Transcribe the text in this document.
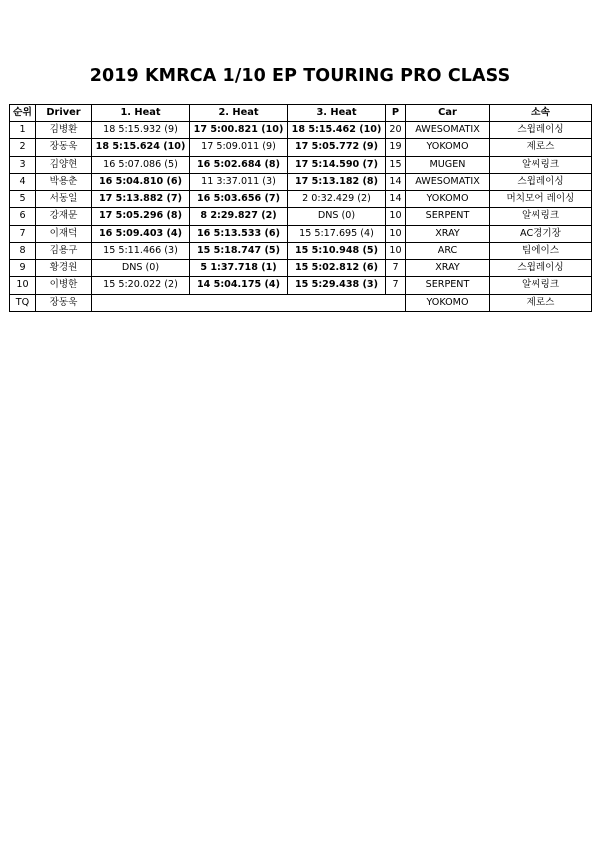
2019 KMRCA 1/10 EP TOURING PRO CLASS
순위	Driver	1. Heat	2. Heat	3. Heat	P	Car	소속
1	김병환	18 5:15.932 (9)	17 5:00.821 (10)	18 5:15.462 (10)	20	AWESOMATIX	스윕레이싱
2	장동욱	18 5:15.624 (10)	17 5:09.011 (9)	17 5:05.772 (9)	19	YOKOMO	제로스
3	김양현	16 5:07.086 (5)	16 5:02.684 (8)	17 5:14.590 (7)	15	MUGEN	알씨링크
4	박용춘	16 5:04.810 (6)	11 3:37.011 (3)	17 5:13.182 (8)	14	AWESOMATIX	스윕레이싱
5	서동일	17 5:13.882 (7)	16 5:03.656 (7)	2 0:32.429 (2)	14	YOKOMO	머치모어 레이싱
6	강재문	17 5:05.296 (8)	8 2:29.827 (2)	DNS (0)	10	SERPENT	알씨링크
7	이재덕	16 5:09.403 (4)	16 5:13.533 (6)	15 5:17.695 (4)	10	XRAY	AC경기장
8	김용구	15 5:11.466 (3)	15 5:18.747 (5)	15 5:10.948 (5)	10	ARC	팀에이스
9	황경원	DNS (0)	5 1:37.718 (1)	15 5:02.812 (6)	7	XRAY	스윕레이싱
10	이병한	15 5:20.022 (2)	14 5:04.175 (4)	15 5:29.438 (3)	7	SERPENT	알씨링크
TQ	장동욱					YOKOMO	제로스
